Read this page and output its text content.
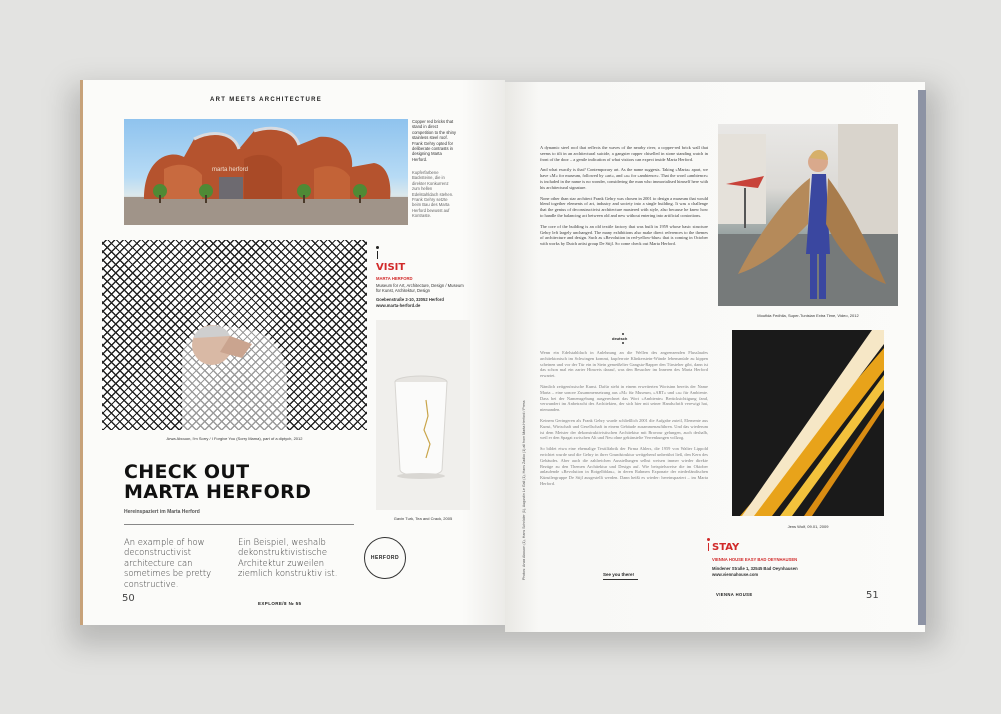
ART MEETS ARCHITECTURE
marta herford
Copper red bricks that stand in direct competition to the shiny stainless steel roof. Frank Gehry opted for deliberate contrasts in designing Marta Herford.
Kupferfarbene Backsteine, die in direkter Konkurrenz zum hellen Edelstahldach stehen. Frank Gehry setzte beim Bau des Marta Herford bewusst auf Kontraste.
Arwa Abouon, I'm Sorry / I Forgive You (Sorry Mama), part of a diptych, 2012
VISIT
MARTA HERFORD
Museum for Art, Architecture, Design / Museum für Kunst, Architektur, Design
Goebenstraße 2-10, 32052 Herford
www.marta-herford.de
Gavin Turk, Tea and Crack, 2005
CHECK OUT
MARTA HERFORD
Hereinspaziert im Marta Herford
An example of how deconstructivist architecture can sometimes be pretty constructive.
Ein Beispiel, weshalb dekonstruktivistische Architektur zuweilen ziemlich konstruktiv ist.
HERFORD
50	EXPLORE/8 № 55
Photos: Arwa Abouon (1), Hans Schröder (1), Augustin Le Gall (1), Hans Zadko (1) all from Marta Herford / Press

A dynamic steel roof that reflects the waves of the nearby river, a copper-red brick wall that seems to tilt in an architectural suicide, a gangster rapper chiselled in stone standing watch in front of the door – a gentle indication of what visitors can expect inside Marta Herford.

And what exactly is that? Contemporary art. As the name suggests. Taking »Marta« apart, we have »M« for museum, followed by »art«, and »a« for »ambience«. That the word »ambience« is included in the name is no wonder, considering the man who immortalised himself here with his architectural signature.

None other than star architect Frank Gehry was chosen in 2001 to design a museum that would blend together elements of art, industry and society into a single building. It was a challenge that the genius of deconstructivist architecture mastered with style, also because he knew how to handle the balancing act between old and new without entering into artificial contortions.

The core of the building is an old textile factory that was built in 1959 whose basic structure Gehry left largely unchanged. The many exhibitions also make direct references to the themes of architecture and design. Such as »Revolution in red-yellow-blue« that is coming in October with works by Dutch artist group De Stijl. So come check out Marta Herford.

deutsch

Wenn ein Edelstahldach in Anlehnung an die Wellen des angrenzenden Flusslaufes architektonisch im Schwingen kommt, kupferrote Klinkerstein-Wände lebensmüde zu kippen scheinen und vor der Tür ein in Stein gemeißelter Gangsta-Rapper den Türsteher gibt, dann ist das schon mal ein zarter Hinweis darauf, was den Besucher im Inneren des Marta Herford erwartet.

Nämlich zeitgenössische Kunst. Dafür steht in einem erweiterten Wortsinn bereits der Name Marta – eine sonore Zusammensetzung aus »M« für Museum, »ART« und »a« für Ambiente. Dass bei der Namensgebung ausgerechnet das Wort »Ambiente« Berücksichtigung fand, verwundert im Anbetracht des Architekten, der sich hier mit seiner Handschrift verewigt hat, niemanden.

Keinem Geringeren als Frank Gehry wurde schließlich 2001 die Aufgabe zuteil, Elemente aus Kunst, Wirtschaft und Gesellschaft in einem Gebäude zusammenzuführen. Und das wiederum ist dem Meister der dekonstruktivistischen Architektur mit Bravour gelungen, auch deshalb, weil er den Spagat zwischen Alt und Neu ohne gekünstelte Verrenkungen vollzog.

So bildet etwa eine ehemalige Textilfabrik der Firma Ahlers, die 1959 von Walter Lippold errichtet wurde und die Gehry in ihrer Grundstruktur weitgehend unberührt ließ, den Kern des Gebäudes. Aber auch die zahlreichen Ausstellungen selbst weisen immer wieder direkte Bezüge zu den Themen Architektur und Design auf. Wie beispielsweise die im Oktober anlaufende »Revolution in Rotgelbblau«, in deren Rahmen Exponate der niederländischen Künstlergruppe De Stijl ausgestellt werden. Dann heißt es wieder: hereinspaziert – im Marta Herford.

See you there!
Moufida Fedhila, Super-Tunisian Extra Time, Video, 2012
Jens Wolf, 09.01, 2009
STAY
VIENNA HOUSE EASY BAD OEYNHAUSEN
Mindener Straße 1, 32545 Bad Oeynhausen
www.viennahouse.com
VIENNA HOUSE	51
